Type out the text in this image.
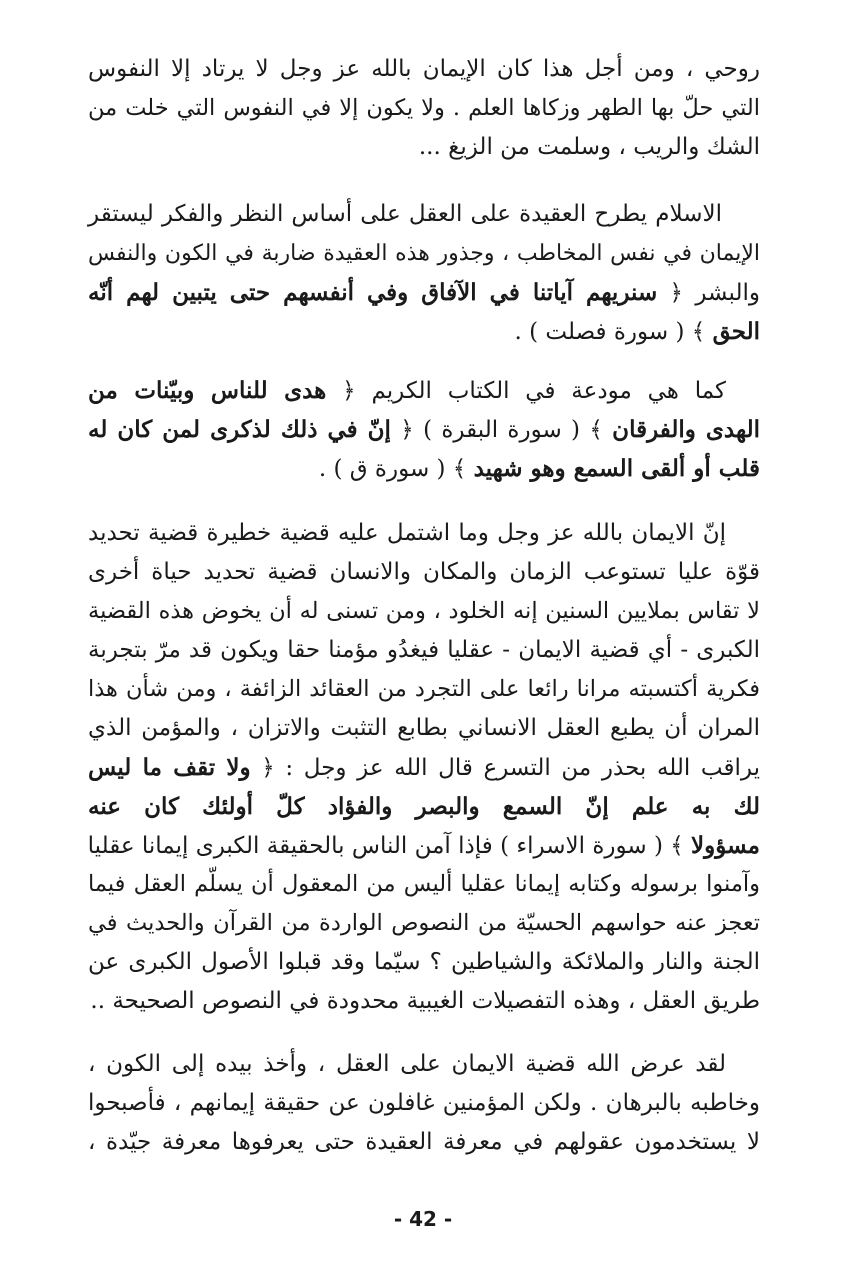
روحي ، ومن أجل هذا كان الإيمان بالله عز وجل لا يرتاد إلا النفوس
التي حلّ بها الطهر وزكاها العلم . ولا يكون إلا في النفوس التي خلت من
الشك والريب ، وسلمت من الزيغ ...

الاسلام يطرح العقيدة على العقل على أساس النظر والفكر ليستقر
الإيمان في نفس المخاطب ، وجذور هذه العقيدة ضاربة في الكون والنفس
والبشر ﴿ سنريهم آياتنا في الآفاق وفي أنفسهم حتى يتبين لهم أنّه
الحق ﴾ ( سورة فصلت ) .

كما هي مودعة في الكتاب الكريم ﴿ هدى للناس وبيّنات من
الهدى والفرقان ﴾ ( سورة البقرة ) ﴿ إنّ في ذلك لذكرى لمن كان له
قلب أو ألقى السمع وهو شهيد ﴾ ( سورة ق ) .

إنّ الايمان بالله عز وجل وما اشتمل عليه قضية خطيرة قضية تحديد
قوّة عليا تستوعب الزمان والمكان والانسان قضية تحديد حياة أخرى
لا تقاس بملايين السنين إنه الخلود ، ومن تسنى له أن يخوض هذه القضية
الكبرى - أي قضية الايمان - عقليا فيغدُو مؤمنا حقا ويكون قد مرّ بتجربة
فكرية أكتسبته مرانا رائعا على التجرد من العقائد الزائفة ، ومن شأن هذا
المران أن يطبع العقل الانساني بطابع التثبت والاتزان ، والمؤمن الذي
يراقب الله بحذر من التسرع قال الله عز وجل : ﴿ ولا تقف ما ليس
لك به علم إنّ السمع والبصر والفؤاد كلّ أولئك كان عنه
مسؤولا ﴾ ( سورة الاسراء ) فإذا آمن الناس بالحقيقة الكبرى إيمانا عقليا
وآمنوا برسوله وكتابه إيمانا عقليا أليس من المعقول أن يسلّم العقل فيما
تعجز عنه حواسهم الحسيّة من النصوص الواردة من القرآن والحديث في
الجنة والنار والملائكة والشياطين ؟ سيّما وقد قبلوا الأصول الكبرى عن
طريق العقل ، وهذه التفصيلات الغيبية محدودة في النصوص الصحيحة ..

لقد عرض الله قضية الايمان على العقل ، وأخذ بيده إلى الكون ،
وخاطبه بالبرهان . ولكن المؤمنين غافلون عن حقيقة إيمانهم ، فأصبحوا
لا يستخدمون عقولهم في معرفة العقيدة حتى يعرفوها معرفة جيّدة ،

- 42 -
